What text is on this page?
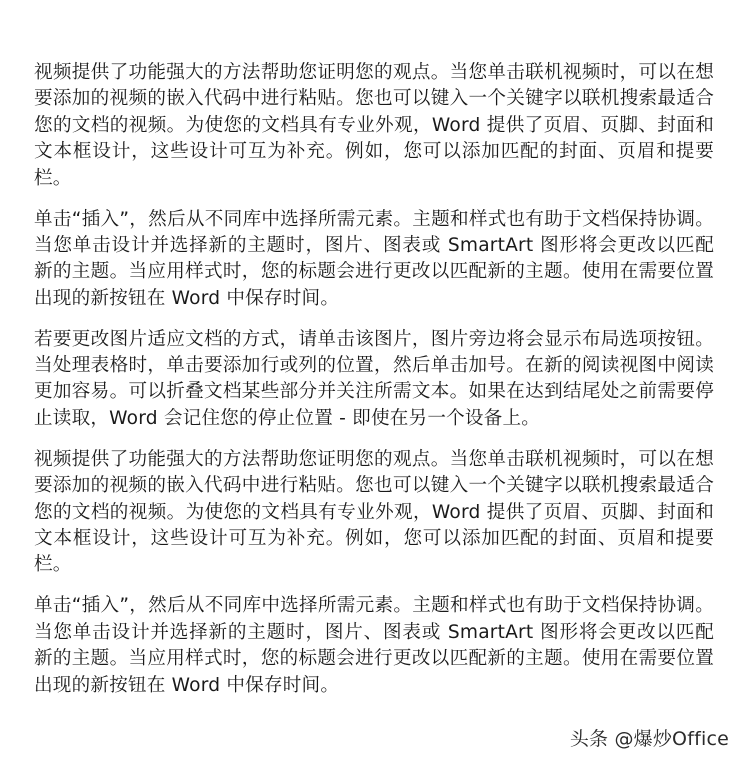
视频提供了功能强大的方法帮助您证明您的观点。当您单击联机视频时，可以在想要添加的视频的嵌入代码中进行粘贴。您也可以键入一个关键字以联机搜索最适合您的文档的视频。为使您的文档具有专业外观，Word 提供了页眉、页脚、封面和文本框设计，这些设计可互为补充。例如，您可以添加匹配的封面、页眉和提要栏。

单击“插入”，然后从不同库中选择所需元素。主题和样式也有助于文档保持协调。当您单击设计并选择新的主题时，图片、图表或 SmartArt 图形将会更改以匹配新的主题。当应用样式时，您的标题会进行更改以匹配新的主题。使用在需要位置出现的新按钮在 Word 中保存时间。

若要更改图片适应文档的方式，请单击该图片，图片旁边将会显示布局选项按钮。当处理表格时，单击要添加行或列的位置，然后单击加号。在新的阅读视图中阅读更加容易。可以折叠文档某些部分并关注所需文本。如果在达到结尾处之前需要停止读取，Word 会记住您的停止位置 - 即使在另一个设备上。

视频提供了功能强大的方法帮助您证明您的观点。当您单击联机视频时，可以在想要添加的视频的嵌入代码中进行粘贴。您也可以键入一个关键字以联机搜索最适合您的文档的视频。为使您的文档具有专业外观，Word 提供了页眉、页脚、封面和文本框设计，这些设计可互为补充。例如，您可以添加匹配的封面、页眉和提要栏。

单击“插入”，然后从不同库中选择所需元素。主题和样式也有助于文档保持协调。当您单击设计并选择新的主题时，图片、图表或 SmartArt 图形将会更改以匹配新的主题。当应用样式时，您的标题会进行更改以匹配新的主题。使用在需要位置出现的新按钮在 Word 中保存时间。

头条 @爆炒Office
